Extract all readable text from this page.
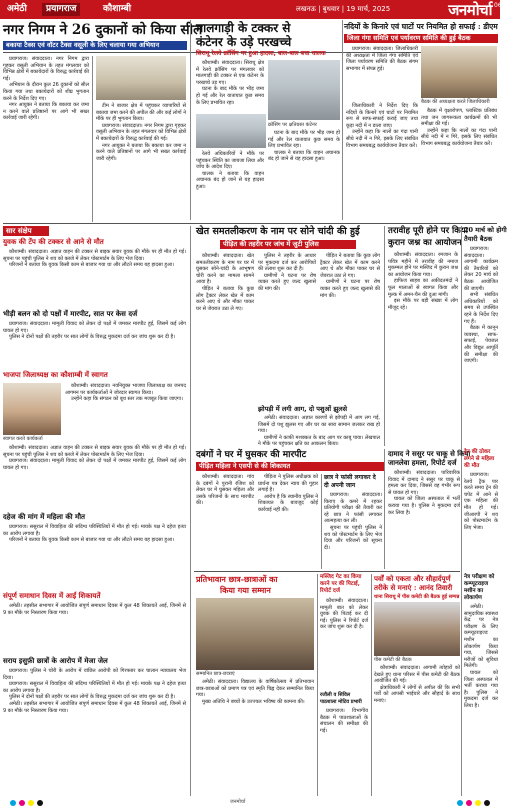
अमेठी	प्रयागराज	कौशाम्बी	लखनऊ | बुधवार | 19 मार्च, 2025	जनमोर्चा 06
नगर निगम ने 26 दुकानों को किया सील
बकाया टैक्स एवं वॉटर टैक्स वसूली के लिए चलाया गया अभियान
मालगाड़ी के टक्कर से
कंटेनर के उड़े परखच्चे
नदियों के किनारे एवं घाटों पर नियमित हो सफाई : डीएम
जिला गंगा समिति एवं पर्यावरण समिति की हुई बैठक

प्रयागराज। संवाददाता। नगर निगम द्वारा गृहकर वसूली अभियान के तहत मंगलवार को विभिन्न क्षेत्रों में बकायेदारों के विरुद्ध कार्रवाई की गई।

अभियान के दौरान कुल 26 दुकानों को सील किया गया तथा बकायेदारों को शीघ्र भुगतान करने के निर्देश दिए गए।

नगर आयुक्त ने बताया कि बकाया कर जमा न करने वाले प्रतिष्ठानों पर आगे भी सख्त कार्रवाई जारी रहेगी।

टीम ने बाजार क्षेत्र में पहुंचकर व्यापारियों से बकाया जमा करने की अपील की और कई लोगों ने मौके पर ही भुगतान किया।

प्रयागराज। संवाददाता। नगर निगम द्वारा गृहकर वसूली अभियान के तहत मंगलवार को विभिन्न क्षेत्रों में बकायेदारों के विरुद्ध कार्रवाई की गई।

नगर आयुक्त ने बताया कि बकाया कर जमा न करने वाले प्रतिष्ठानों पर आगे भी सख्त कार्रवाई जारी रहेगी।

सिराथू रेलवे क्रॉसिंग पर हुआ हादसा, बाल-बाल बचा चालक

कौशाम्बी। संवाददाता। सिराथू क्षेत्र में रेलवे क्रॉसिंग पर मंगलवार को मालगाड़ी की टक्कर से एक कंटेनर के परखच्चे उड़ गए।

घटना के बाद मौके पर भीड़ जमा हो गई और रेल यातायात कुछ समय के लिए प्रभावित रहा।

क्रॉसिंग पर क्षतिग्रस्त कंटेनर

रेलवे अधिकारियों ने मौके पर पहुंचकर स्थिति का जायजा लिया और जांच के आदेश दिए।

चालक ने बताया कि वाहन अचानक बंद हो जाने से यह हादसा हुआ।

घटना के बाद मौके पर भीड़ जमा हो गई और रेल यातायात कुछ समय के लिए प्रभावित रहा।

चालक ने बताया कि वाहन अचानक बंद हो जाने से यह हादसा हुआ।

प्रयागराज। संवाददाता। जिलाधिकारी की अध्यक्षता में जिला गंगा समिति एवं जिला पर्यावरण समिति की बैठक संगम सभागार में संपन्न हुई।

बैठक की अध्यक्षता करते जिलाधिकारी

जिलाधिकारी ने निर्देश दिए कि नदियों के किनारे एवं घाटों पर नियमित रूप से साफ-सफाई कराई जाए तथा कूड़ा नदी में न डाला जाए।

उन्होंने कहा कि नालों का गंदा पानी सीधे नदी में न गिरे, इसके लिए संबंधित विभाग समयबद्ध कार्ययोजना तैयार करें।

बैठक में वृक्षारोपण, प्लास्टिक प्रतिबंध तथा जन जागरूकता कार्यक्रमों की भी समीक्षा की गई।

उन्होंने कहा कि नालों का गंदा पानी सीधे नदी में न गिरे, इसके लिए संबंधित विभाग समयबद्ध कार्ययोजना तैयार करें।

सार संक्षेप
युवक की टेंप की टक्कर से आने से मौत

कौशाम्बी। संवाददाता। अज्ञात वाहन की टक्कर से बाइक सवार युवक की मौके पर ही मौत हो गई। सूचना पर पहुंची पुलिस ने शव को कब्जे में लेकर पोस्टमार्टम के लिए भेज दिया।

परिजनों ने बताया कि युवक किसी काम से बाजार गया था और लौटते समय यह हादसा हुआ।

भीड़ी बलन को दो पक्षों में मारपीट, सात पर केस दर्ज

प्रयागराज। संवाददाता। मामूली विवाद को लेकर दो पक्षों में जमकर मारपीट हुई, जिसमें कई लोग घायल हो गए।

पुलिस ने दोनों पक्षों की तहरीर पर सात लोगों के विरुद्ध मुकदमा दर्ज कर जांच शुरू कर दी है।

भाजपा जिलाध्यक्ष का कौशाम्बी में स्वागत
स्वागत करते कार्यकर्ता

कौशाम्बी। संवाददाता। नवनियुक्त भाजपा जिलाध्यक्ष का जनपद आगमन पर कार्यकर्ताओं ने जोरदार स्वागत किया।

उन्होंने कहा कि संगठन को बूथ स्तर तक मजबूत किया जाएगा।

कौशाम्बी। संवाददाता। अज्ञात वाहन की टक्कर से बाइक सवार युवक की मौके पर ही मौत हो गई। सूचना पर पहुंची पुलिस ने शव को कब्जे में लेकर पोस्टमार्टम के लिए भेज दिया।

प्रयागराज। संवाददाता। मामूली विवाद को लेकर दो पक्षों में जमकर मारपीट हुई, जिसमें कई लोग घायल हो गए।

दहेज की मांग में महिला की मौत

प्रयागराज। ससुराल में विवाहिता की संदिग्ध परिस्थितियों में मौत हो गई। मायके पक्ष ने दहेज हत्या का आरोप लगाया है।

परिजनों ने बताया कि युवक किसी काम से बाजार गया था और लौटते समय यह हादसा हुआ।

संपूर्ण समाधान दिवस में आईं शिकायतें

अमेठी। तहसील सभागार में आयोजित संपूर्ण समाधान दिवस में कुल 48 शिकायतें आईं, जिनमें से 9 का मौके पर निस्तारण किया गया।

सराय इसुफ़ी छात्रों के आरोप में मेजा जेल

प्रयागराज। पुलिस ने चोरी के आरोप में वांछित आरोपी को गिरफ्तार कर चालान न्यायालय भेज दिया।

प्रयागराज। ससुराल में विवाहिता की संदिग्ध परिस्थितियों में मौत हो गई। मायके पक्ष ने दहेज हत्या का आरोप लगाया है।

पुलिस ने दोनों पक्षों की तहरीर पर सात लोगों के विरुद्ध मुकदमा दर्ज कर जांच शुरू कर दी है।

अमेठी। तहसील सभागार में आयोजित संपूर्ण समाधान दिवस में कुल 48 शिकायतें आईं, जिनमें से 9 का मौके पर निस्तारण किया गया।

खेत समतलीकरण के नाम पर सोने चांदी की हुई
पीड़ित की तहरीर पर जांच में जुटी पुलिस

कौशाम्बी। संवाददाता। खेत समतलीकरण के नाम पर घर में घुसकर सोने-चांदी के आभूषण चोरी करने का मामला सामने आया है।

पीड़ित ने बताया कि कुछ लोग ट्रैक्टर लेकर खेत में काम करने आए थे और मौका पाकर घर से जेवरात उठा ले गए।

पुलिस ने तहरीर के आधार पर मुकदमा दर्ज कर आरोपियों की तलाश शुरू कर दी है।

ग्रामीणों ने घटना पर रोष व्यक्त करते हुए जल्द खुलासे की मांग की।

पीड़ित ने बताया कि कुछ लोग ट्रैक्टर लेकर खेत में काम करने आए थे और मौका पाकर घर से जेवरात उठा ले गए।

ग्रामीणों ने घटना पर रोष व्यक्त करते हुए जल्द खुलासे की मांग की।

झोपड़ी में लगी आग, दो पशुओं झुलसे

अमेठी। संवाददाता। अज्ञात कारणों से झोपड़ी में आग लग गई, जिसमें दो पशु झुलस गए और घर का सारा सामान जलकर राख हो गया।

ग्रामीणों ने काफी मशक्कत के बाद आग पर काबू पाया। लेखपाल ने मौके पर पहुंचकर क्षति का आकलन किया।

तरावीह पूरी होने पर किया
कुरान जश्न का आयोजन

कौशाम्बी। संवाददाता। रमजान के पवित्र महीने में तरावीह की नमाज मुकम्मल होने पर मस्जिद में कुरान जश्न का आयोजन किया गया।

हाफिज साहब का अकीदतमंदों ने फूल मालाओं से स्वागत किया और मुल्क में अमन-चैन की दुआ मांगी।

इस मौके पर बड़ी संख्या में लोग मौजूद रहे।

20 मार्च को होगी
तैयारी बैठक

प्रयागराज। संवाददाता। आगामी कार्यक्रम की तैयारियों को लेकर 20 मार्च को बैठक आयोजित की जाएगी।

सभी संबंधित अधिकारियों को समय से उपस्थित रहने के निर्देश दिए गए हैं।

बैठक में कानून व्यवस्था, साफ-सफाई, पेयजल और विद्युत आपूर्ति की समीक्षा की जाएगी।

दबंगों ने घर में घुसकर की मारपीट
पीड़ित महिला ने एसपी से की शिकायत

कौशाम्बी। संवाददाता। गांव के दबंगों ने पुरानी रंजिश को लेकर घर में घुसकर महिला और उसके परिजनों के साथ मारपीट की।

पीड़िता ने पुलिस अधीक्षक को प्रार्थना पत्र देकर न्याय की गुहार लगाई है।

आरोप है कि स्थानीय पुलिस ने शिकायत के बावजूद कोई कार्रवाई नहीं की।

छात्र ने फांसी लगाकर दे दी अपनी जान

प्रयागराज। संवाददाता। किराए के कमरे में रहकर प्रतियोगी परीक्षा की तैयारी कर रहे छात्र ने फांसी लगाकर आत्महत्या कर ली।

सूचना पर पहुंची पुलिस ने शव को पोस्टमार्टम के लिए भेज दिया और परिजनों को सूचना दी।

दामाद ने ससुर पर चाकू से किया
जानलेवा हमला, रिपोर्ट दर्ज

कौशाम्बी। संवाददाता। पारिवारिक विवाद में दामाद ने ससुर पर चाकू से हमला कर दिया, जिससे वह गंभीर रूप से घायल हो गए।

घायल को जिला अस्पताल में भर्ती कराया गया है। पुलिस ने मुकदमा दर्ज कर लिया है।

ट्रेन की ठोकर लगने से महिला की मौत

प्रयागराज। रेलवे ट्रैक पार करते समय ट्रेन की चपेट में आने से एक महिला की मौत हो गई। जीआरपी ने शव को पोस्टमार्टम के लिए भेजा।

प्रतिभावान छात्र-छात्राओं का
किया गया सम्मान
सम्मानित छात्र-छात्राएं

अमेठी। संवाददाता। विद्यालय के वार्षिकोत्सव में प्रतिभावान छात्र-छात्राओं को प्रमाण पत्र एवं स्मृति चिह्न देकर सम्मानित किया गया।

मुख्य अतिथि ने बच्चों के उज्ज्वल भविष्य की कामना की।

मस्जिद गेट का किया करने पर की पिटाई, रिपोर्ट दर्ज

कौशाम्बी। संवाददाता। मामूली बात को लेकर युवक की पिटाई कर दी गई। पुलिस ने रिपोर्ट दर्ज कर जांच शुरू कर दी है।

रजौली व सिविल पाठशाला मोटिव प्रभारी

प्रयागराज। विभागीय बैठक में पाठशालाओं के संचालन की समीक्षा की गई।

पर्वों को एकता और सौहार्दपूर्ण
तरीके से मनाएं : आनंद तिवारी
थाना सिराथू में पीस कमेटी की बैठक हुई सम्पन्न
पीस कमेटी की बैठक

कौशाम्बी। संवाददाता। आगामी त्योहारों को देखते हुए थाना परिसर में पीस कमेटी की बैठक आयोजित की गई।

क्षेत्राधिकारी ने लोगों से अपील की कि सभी पर्वों को आपसी भाईचारे और सौहार्द के साथ मनाएं।

नेत्र परीक्षण को कम्प्यूटराइज मशीन का लोकार्पण

अमेठी। सामुदायिक स्वास्थ्य केंद्र पर नेत्र परीक्षण के लिए कम्प्यूटराइज्ड मशीन का लोकार्पण किया गया, जिससे मरीजों को सुविधा मिलेगी।

घायल को जिला अस्पताल में भर्ती कराया गया है। पुलिस ने मुकदमा दर्ज कर लिया है।

जनमोर्चा
